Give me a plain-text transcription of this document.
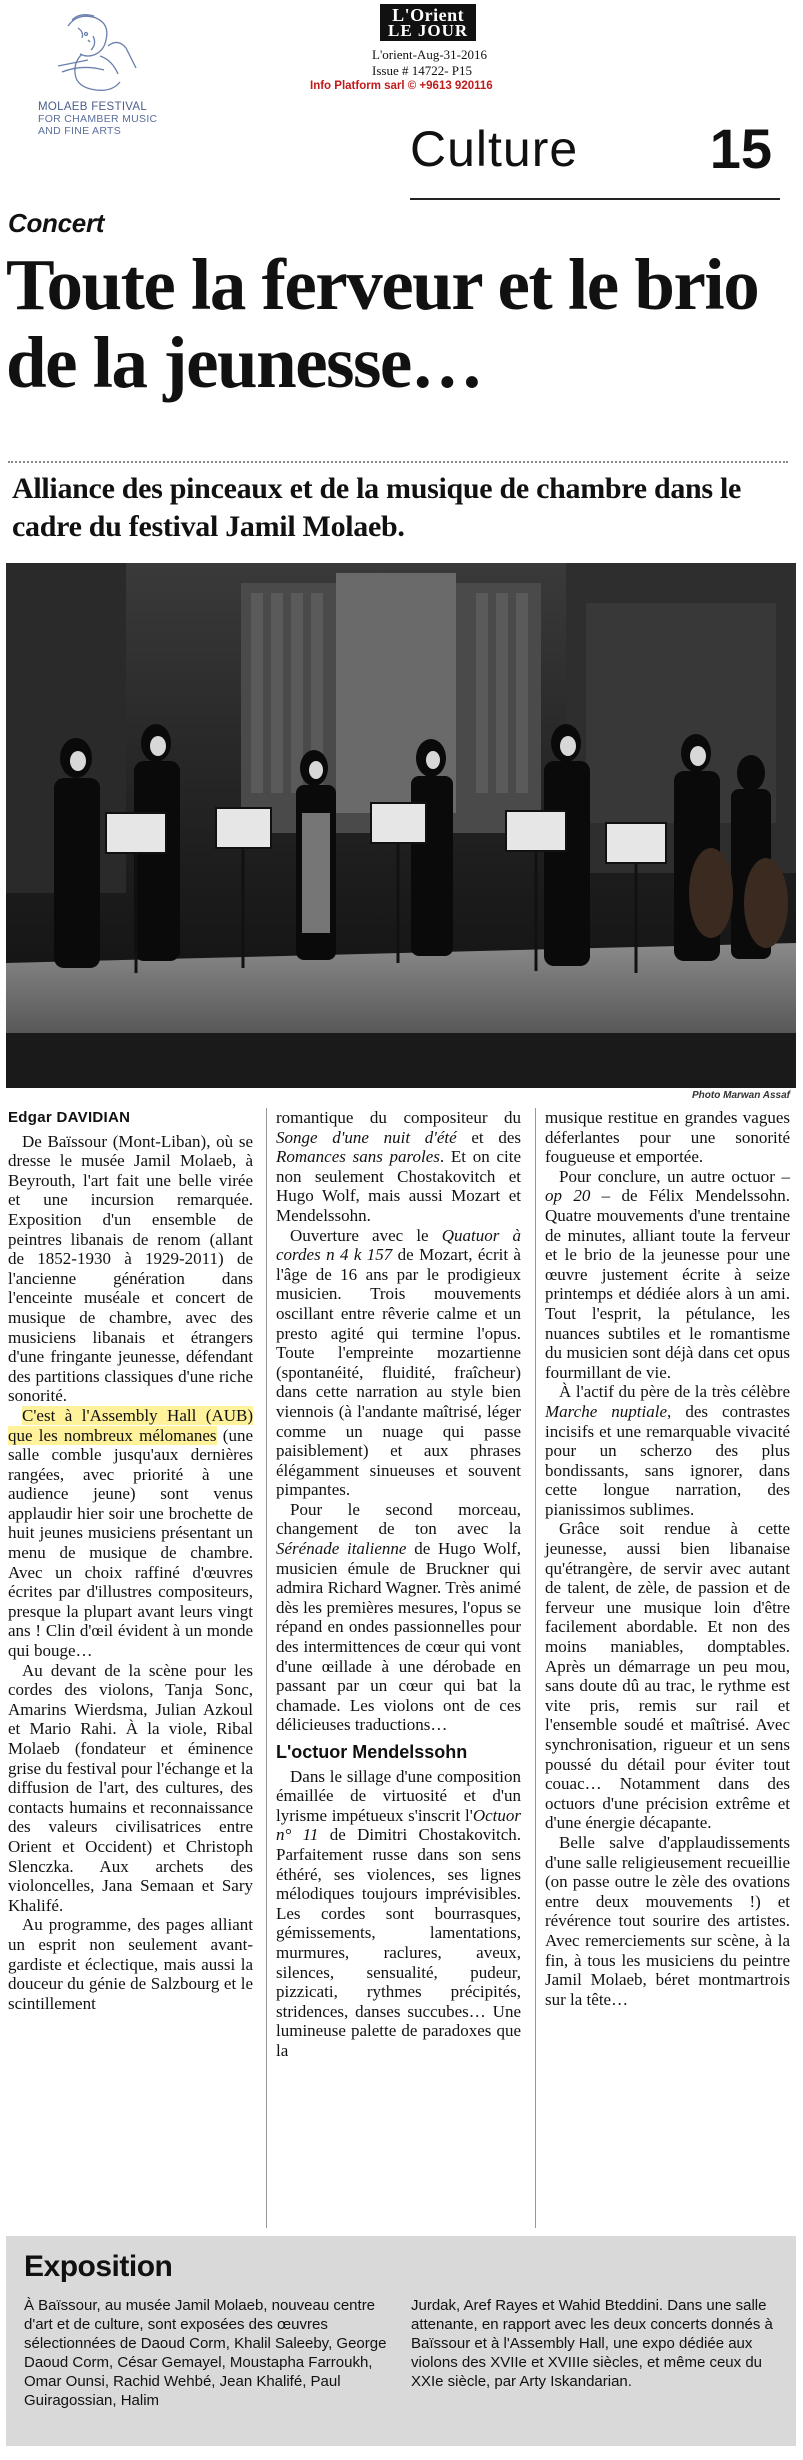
MOLAEB FESTIVAL
FOR CHAMBER MUSIC
AND FINE ARTS
L'Orient
LE JOUR
L'orient-Aug-31-2016
Issue # 14722- P15
Info Platform sarl © +9613 920116
Culture 15
Concert
Toute la ferveur et le brio de la jeunesse…
Alliance des pinceaux et de la musique de chambre dans le cadre du festival Jamil Molaeb.
Photo Marwan Assaf

Edgar DAVIDIAN

De Baïssour (Mont-Liban), où se dresse le musée Jamil Molaeb, à Beyrouth, l'art fait une belle virée et une incursion remarquée. Exposition d'un ensemble de peintres libanais de renom (allant de 1852-1930 à 1929-2011) de l'ancienne génération dans l'enceinte muséale et concert de musique de chambre, avec des musiciens libanais et étrangers d'une fringante jeunesse, défendant des partitions classiques d'une riche sonorité.

C'est à l'Assembly Hall (AUB) que les nombreux mélomanes (une salle comble jusqu'aux dernières rangées, avec priorité à une audience jeune) sont venus applaudir hier soir une brochette de huit jeunes musiciens présentant un menu de musique de chambre. Avec un choix raffiné d'œuvres écrites par d'illustres compositeurs, presque la plupart avant leurs vingt ans ! Clin d'œil évident à un monde qui bouge…

Au devant de la scène pour les cordes des violons, Tanja Sonc, Amarins Wierdsma, Julian Azkoul et Mario Rahi. À la viole, Ribal Molaeb (fondateur et éminence grise du festival pour l'échange et la diffusion de l'art, des cultures, des contacts humains et reconnaissance des valeurs civilisatrices entre Orient et Occident) et Christoph Slenczka. Aux archets des violoncelles, Jana Semaan et Sary Khalifé.

Au programme, des pages alliant un esprit non seulement avant-gardiste et éclectique, mais aussi la douceur du génie de Salzbourg et le scintillement

romantique du compositeur du Songe d'une nuit d'été et des Romances sans paroles. Et on cite non seulement Chostakovitch et Hugo Wolf, mais aussi Mozart et Mendelssohn.

Ouverture avec le Quatuor à cordes n 4 k 157 de Mozart, écrit à l'âge de 16 ans par le prodigieux musicien. Trois mouvements oscillant entre rêverie calme et un presto agité qui termine l'opus. Toute l'empreinte mozartienne (spontanéité, fluidité, fraîcheur) dans cette narration au style bien viennois (à l'andante maîtrisé, léger comme un nuage qui passe paisiblement) et aux phrases élégamment sinueuses et souvent pimpantes.

Pour le second morceau, changement de ton avec la Sérénade italienne de Hugo Wolf, musicien émule de Bruckner qui admira Richard Wagner. Très animé dès les premières mesures, l'opus se répand en ondes passionnelles pour des intermittences de cœur qui vont d'une œillade à une dérobade en passant par un cœur qui bat la chamade. Les violons ont de ces délicieuses traductions…

L'octuor Mendelssohn

Dans le sillage d'une composition émaillée de virtuosité et d'un lyrisme impétueux s'inscrit l'Octuor n° 11 de Dimitri Chostakovitch. Parfaitement russe dans son sens éthéré, ses violences, ses lignes mélodiques toujours imprévisibles. Les cordes sont bourrasques, gémissements, lamentations, murmures, raclures, aveux, silences, sensualité, pudeur, pizzicati, rythmes précipités, stridences, danses succubes… Une lumineuse palette de paradoxes que la

musique restitue en grandes vagues déferlantes pour une sonorité fougueuse et emportée.

Pour conclure, un autre octuor – op 20 – de Félix Mendelssohn. Quatre mouvements d'une trentaine de minutes, alliant toute la ferveur et le brio de la jeunesse pour une œuvre justement écrite à seize printemps et dédiée alors à un ami. Tout l'esprit, la pétulance, les nuances subtiles et le romantisme du musicien sont déjà dans cet opus fourmillant de vie.

À l'actif du père de la très célèbre Marche nuptiale, des contrastes incisifs et une remarquable vivacité pour un scherzo des plus bondissants, sans ignorer, dans cette longue narration, des pianissimos sublimes.

Grâce soit rendue à cette jeunesse, aussi bien libanaise qu'étrangère, de servir avec autant de talent, de zèle, de passion et de ferveur une musique loin d'être facilement abordable. Et non des moins maniables, domptables. Après un démarrage un peu mou, sans doute dû au trac, le rythme est vite pris, remis sur rail et l'ensemble soudé et maîtrisé. Avec synchronisation, rigueur et un sens poussé du détail pour éviter tout couac… Notamment dans des octuors d'une précision extrême et d'une énergie décapante.

Belle salve d'applaudissements d'une salle religieusement recueillie (on passe outre le zèle des ovations entre deux mouvements !) et révérence tout sourire des artistes. Avec remerciements sur scène, à la fin, à tous les musiciens du peintre Jamil Molaeb, béret montmartrois sur la tête…

Exposition
À Baïssour, au musée Jamil Molaeb, nouveau centre d'art et de culture, sont exposées des œuvres sélectionnées de Daoud Corm, Khalil Saleeby, George Daoud Corm, César Gemayel, Moustapha Farroukh, Omar Ounsi, Rachid Wehbé, Jean Khalifé, Paul Guiragossian, Halim
Jurdak, Aref Rayes et Wahid Bteddini. Dans une salle attenante, en rapport avec les deux concerts donnés à Baïssour et à l'Assembly Hall, une expo dédiée aux violons des XVIIe et XVIIIe siècles, et même ceux du XXIe siècle, par Arty Iskandarian.
